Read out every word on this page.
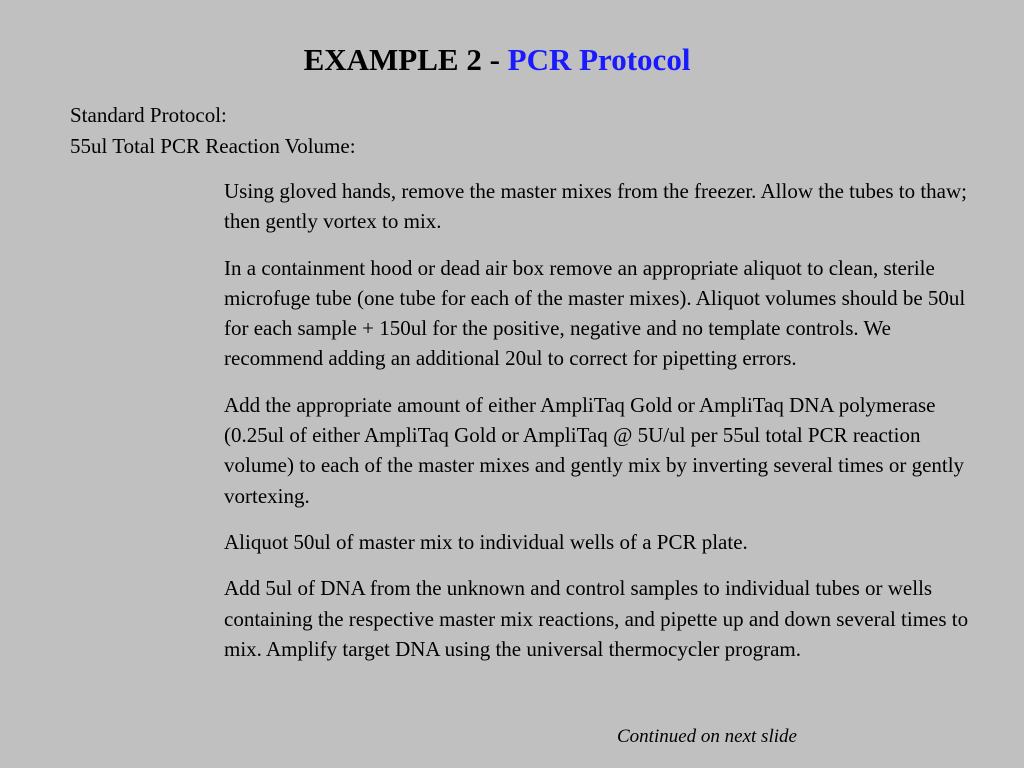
EXAMPLE 2 - PCR Protocol
Standard Protocol:
55ul Total PCR Reaction Volume:

Using gloved hands, remove the master mixes from the freezer. Allow the tubes to thaw; then gently vortex to mix.

In a containment hood or dead air box remove an appropriate aliquot to clean, sterile microfuge tube (one tube for each of the master mixes). Aliquot volumes should be 50ul for each sample + 150ul for the positive, negative and no template controls. We recommend adding an additional 20ul to correct for pipetting errors.

Add the appropriate amount of either AmpliTaq Gold or AmpliTaq DNA polymerase (0.25ul of either AmpliTaq Gold or AmpliTaq @ 5U/ul per 55ul total PCR reaction volume) to each of the master mixes and gently mix by inverting several times or gently vortexing.

Aliquot 50ul of master mix to individual wells of a PCR plate.

Add 5ul of DNA from the unknown and control samples to individual tubes or wells containing the respective master mix reactions, and pipette up and down several times to mix. Amplify target DNA using the universal thermocycler program.

Continued on next slide
